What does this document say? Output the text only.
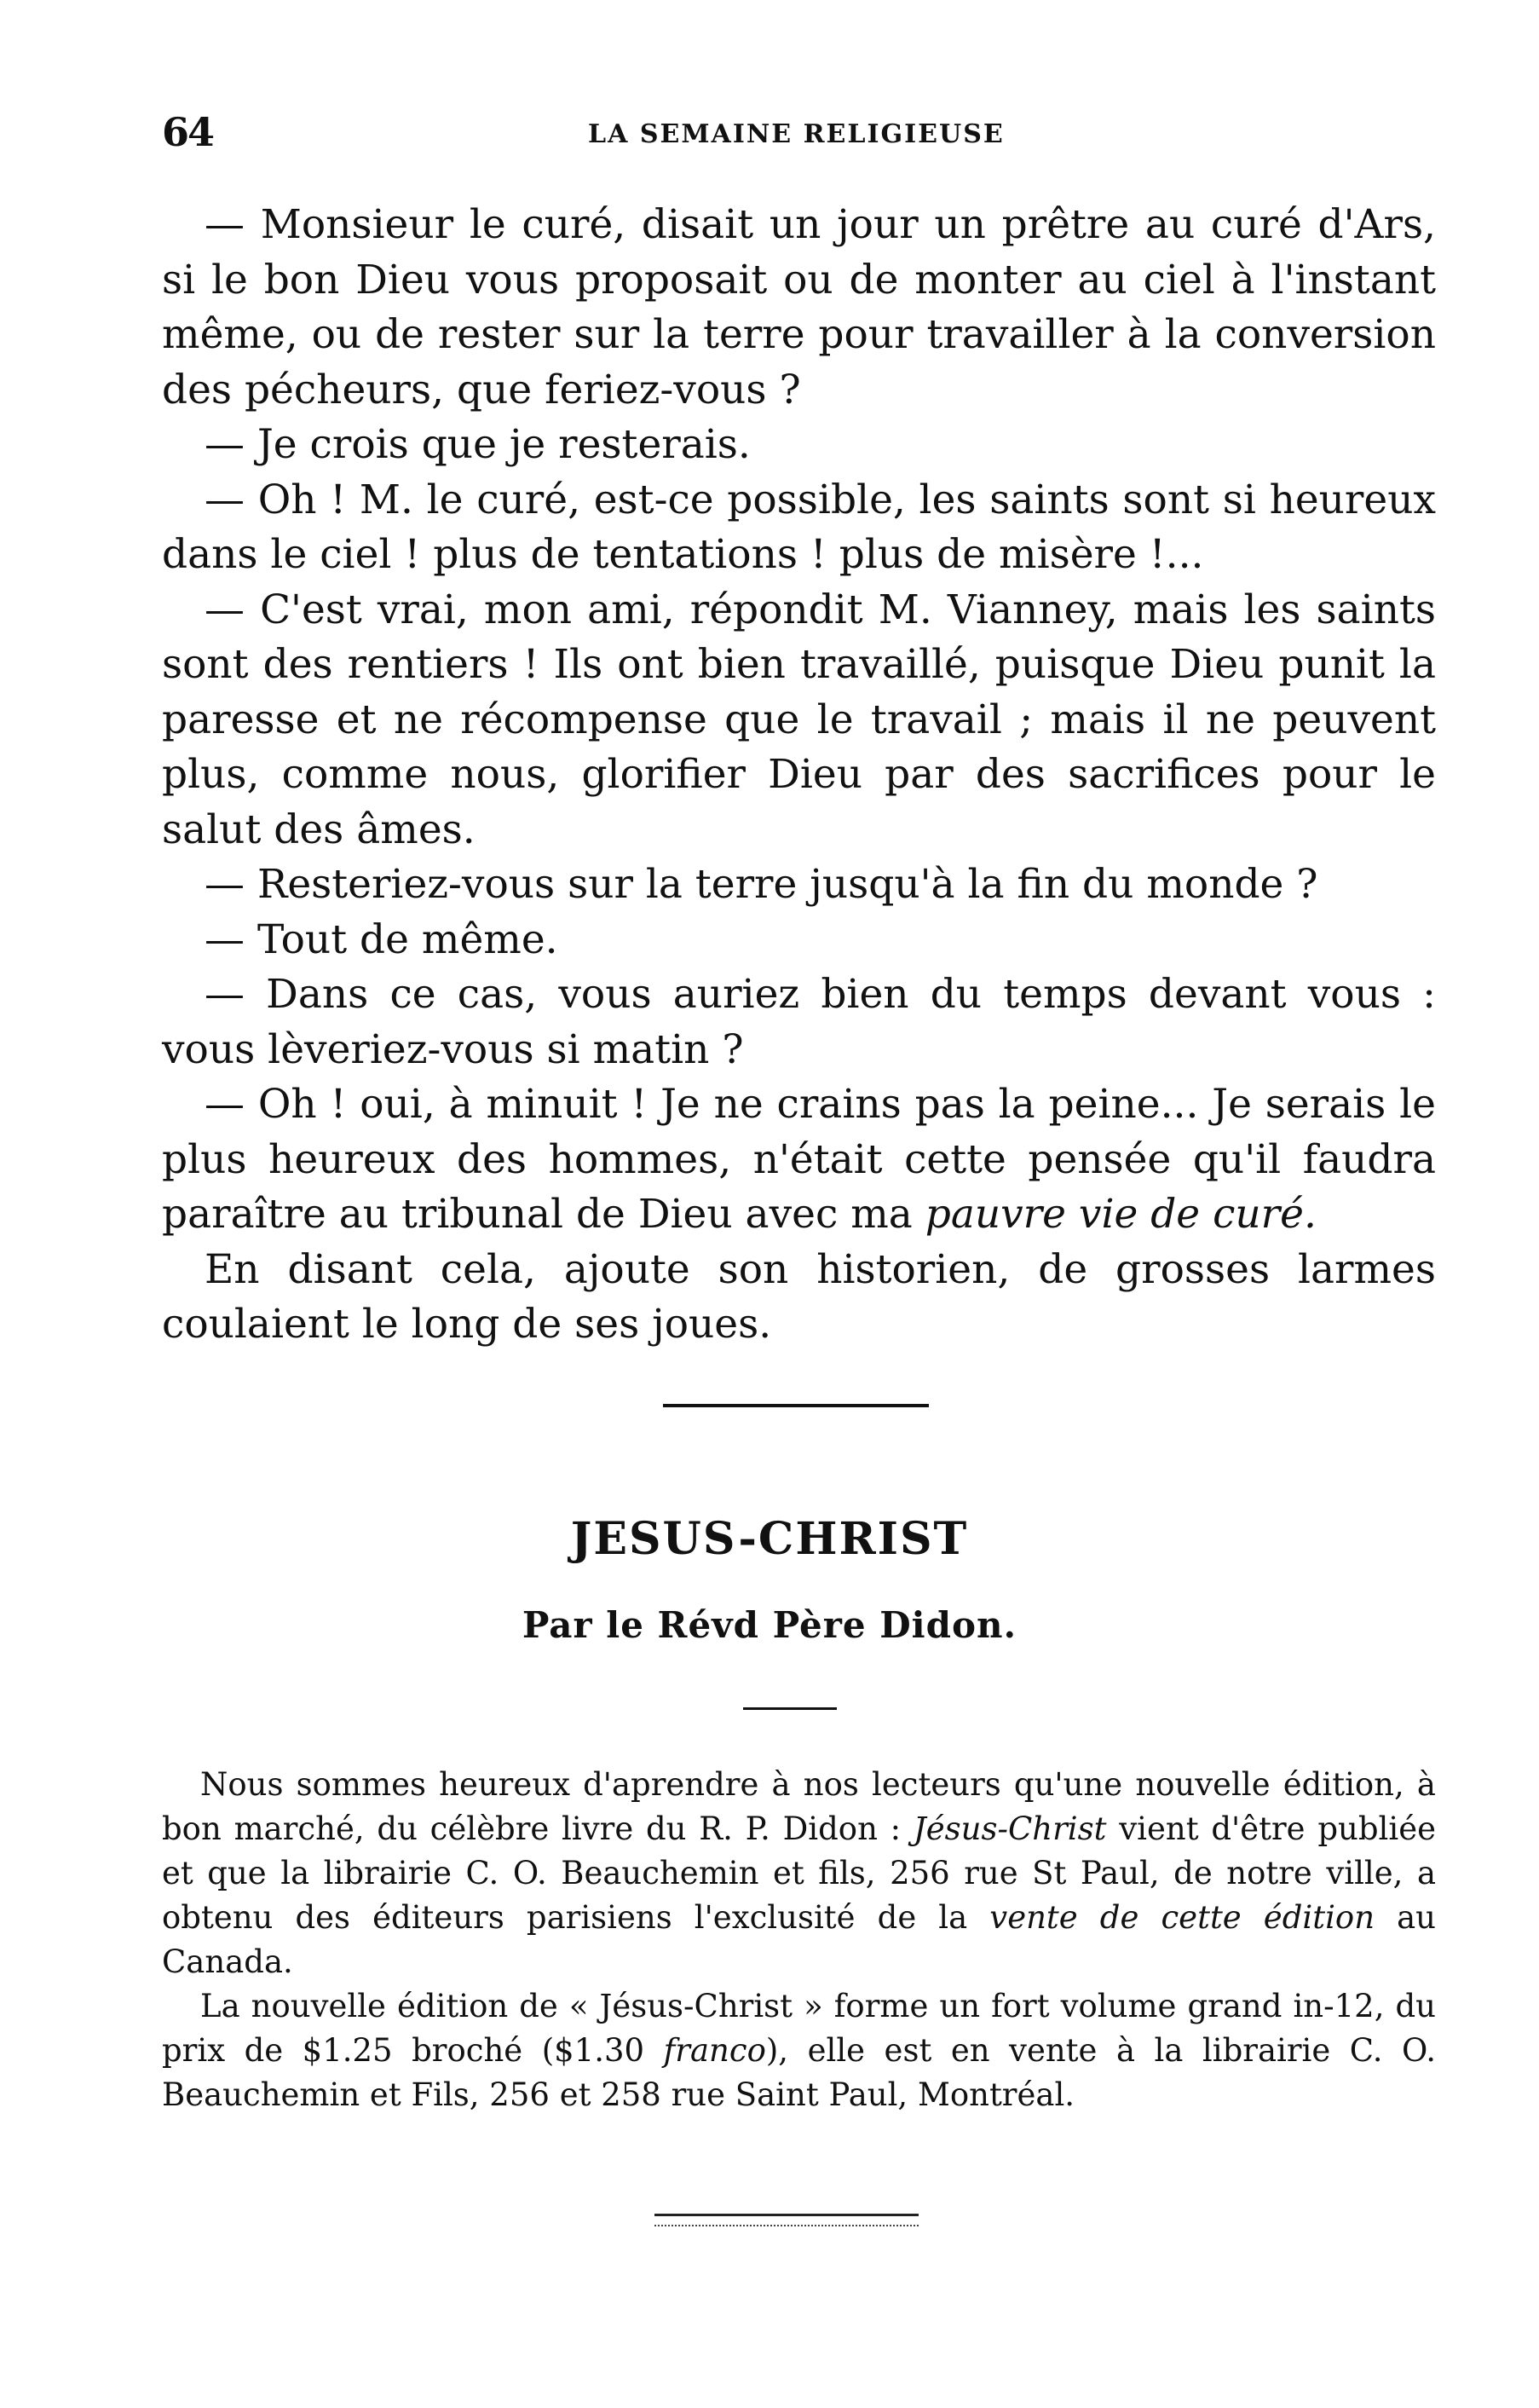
64	LA SEMAINE RELIGIEUSE

— Monsieur le curé, disait un jour un prêtre au curé d'Ars, si le bon Dieu vous proposait ou de monter au ciel à l'instant même, ou de rester sur la terre pour travailler à la conversion des pécheurs, que feriez-vous ?

— Je crois que je resterais.

— Oh ! M. le curé, est-ce possible, les saints sont si heureux dans le ciel ! plus de tentations ! plus de misère !...

— C'est vrai, mon ami, répondit M. Vianney, mais les saints sont des rentiers ! Ils ont bien travaillé, puisque Dieu punit la paresse et ne récompense que le travail ; mais il ne peuvent plus, comme nous, glorifier Dieu par des sacrifices pour le salut des âmes.

— Resteriez-vous sur la terre jusqu'à la fin du monde ?

— Tout de même.

— Dans ce cas, vous auriez bien du temps devant vous : vous lèveriez-vous si matin ?

— Oh ! oui, à minuit ! Je ne crains pas la peine... Je serais le plus heureux des hommes, n'était cette pensée qu'il faudra paraître au tribunal de Dieu avec ma pauvre vie de curé.

En disant cela, ajoute son historien, de grosses larmes coulaient le long de ses joues.

JESUS-CHRIST
Par le Révd Père Didon.

Nous sommes heureux d'aprendre à nos lecteurs qu'une nouvelle édition, à bon marché, du célèbre livre du R. P. Didon : Jésus-Christ vient d'être publiée et que la librairie C. O. Beauchemin et fils, 256 rue St Paul, de notre ville, a obtenu des éditeurs parisiens l'exclusité de la vente de cette édition au Canada.

La nouvelle édition de « Jésus-Christ » forme un fort volume grand in-12, du prix de $1.25 broché ($1.30 franco), elle est en vente à la librairie C. O. Beauchemin et Fils, 256 et 258 rue Saint Paul, Montréal.
